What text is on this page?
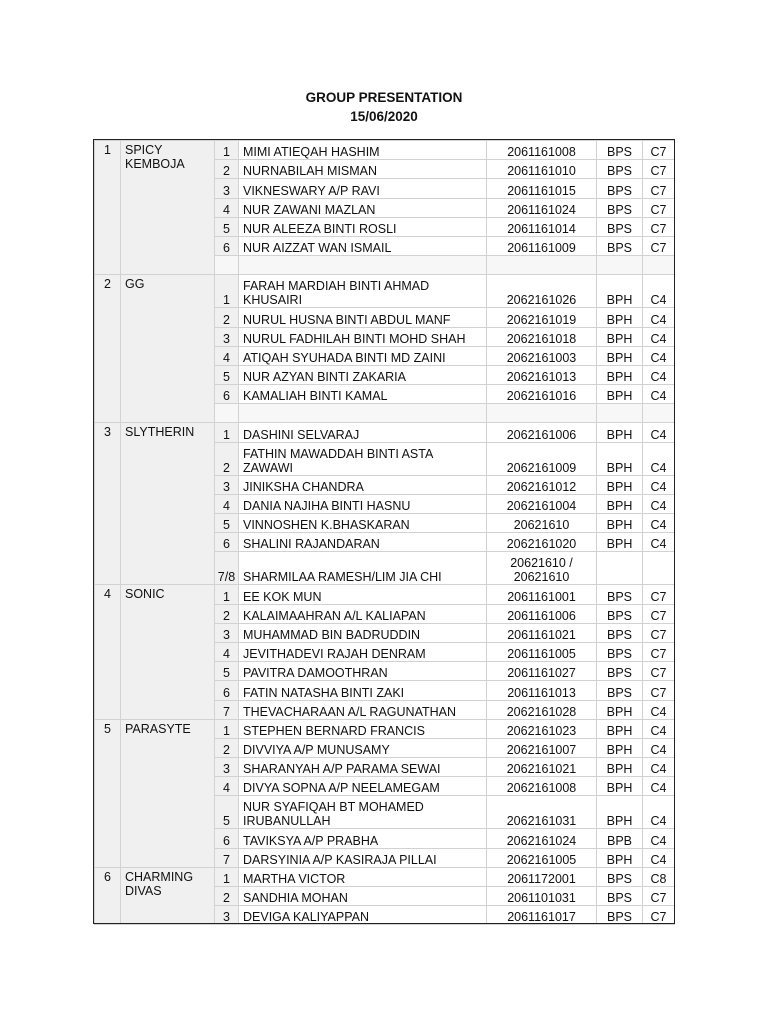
GROUP PRESENTATION
15/06/2020
1	SPICY KEMBOJA	1	MIMI ATIEQAH HASHIM	2061161008	BPS	C7
		2	NURNABILAH MISMAN	2061161010	BPS	C7
		3	VIKNESWARY A/P RAVI	2061161015	BPS	C7
		4	NUR ZAWANI MAZLAN	2061161024	BPS	C7
		5	NUR ALEEZA BINTI ROSLI	2061161014	BPS	C7
		6	NUR AIZZAT WAN ISMAIL	2061161009	BPS	C7

2	GG	1	FARAH MARDIAH BINTI AHMAD KHUSAIRI	2062161026	BPH	C4
		2	NURUL HUSNA BINTI ABDUL MANF	2062161019	BPH	C4
		3	NURUL FADHILAH BINTI MOHD SHAH	2062161018	BPH	C4
		4	ATIQAH SYUHADA BINTI MD ZAINI	2062161003	BPH	C4
		5	NUR AZYAN BINTI ZAKARIA	2062161013	BPH	C4
		6	KAMALIAH BINTI KAMAL	2062161016	BPH	C4

3	SLYTHERIN	1	DASHINI SELVARAJ	2062161006	BPH	C4
		2	FATHIN MAWADDAH BINTI ASTA ZAWAWI	2062161009	BPH	C4
		3	JINIKSHA CHANDRA	2062161012	BPH	C4
		4	DANIA NAJIHA BINTI HASNU	2062161004	BPH	C4
		5	VINNOSHEN K.BHASKARAN	20621610	BPH	C4
		6	SHALINI RAJANDARAN	2062161020	BPH	C4
		7/8	SHARMILAA RAMESH/LIM JIA CHI	20621610 / 20621610		
4	SONIC	1	EE KOK MUN	2061161001	BPS	C7
		2	KALAIMAAHRAN A/L KALIAPAN	2061161006	BPS	C7
		3	MUHAMMAD BIN BADRUDDIN	2061161021	BPS	C7
		4	JEVITHADEVI RAJAH DENRAM	2061161005	BPS	C7
		5	PAVITRA DAMOOTHRAN	2061161027	BPS	C7
		6	FATIN NATASHA BINTI ZAKI	2061161013	BPS	C7
		7	THEVACHARAAN A/L RAGUNATHAN	2062161028	BPH	C4
5	PARASYTE	1	STEPHEN BERNARD FRANCIS	2062161023	BPH	C4
		2	DIVVIYA A/P MUNUSAMY	2062161007	BPH	C4
		3	SHARANYAH A/P PARAMA SEWAI	2062161021	BPH	C4
		4	DIVYA SOPNA A/P NEELAMEGAM	2062161008	BPH	C4
		5	NUR SYAFIQAH BT MOHAMED IRUBANULLAH	2062161031	BPH	C4
		6	TAVIKSYA A/P PRABHA	2062161024	BPB	C4
		7	DARSYINIA A/P KASIRAJA PILLAI	2062161005	BPH	C4
6	CHARMING DIVAS	1	MARTHA VICTOR	2061172001	BPS	C8
		2	SANDHIA MOHAN	2061101031	BPS	C7
		3	DEVIGA KALIYAPPAN	2061161017	BPS	C7
